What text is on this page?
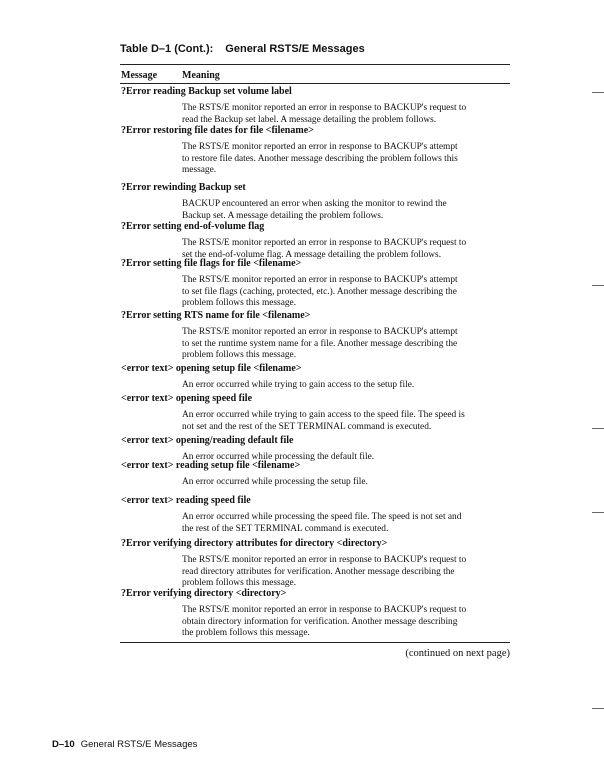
Table D–1 (Cont.): General RSTS/E Messages
Message Meaning
?Error reading Backup set volume label
The RSTS/E monitor reported an error in response to BACKUP's request to
read the Backup set label. A message detailing the problem follows.
?Error restoring file dates for file <filename>
The RSTS/E monitor reported an error in response to BACKUP's attempt
to restore file dates. Another message describing the problem follows this
message.
?Error rewinding Backup set
BACKUP encountered an error when asking the monitor to rewind the
Backup set. A message detailing the problem follows.
?Error setting end-of-volume flag
The RSTS/E monitor reported an error in response to BACKUP's request to
set the end-of-volume flag. A message detailing the problem follows.
?Error setting file flags for file <filename>
The RSTS/E monitor reported an error in response to BACKUP's attempt
to set file flags (caching, protected, etc.). Another message describing the
problem follows this message.
?Error setting RTS name for file <filename>
The RSTS/E monitor reported an error in response to BACKUP's attempt
to set the runtime system name for a file. Another message describing the
problem follows this message.
<error text> opening setup file <filename>
An error occurred while trying to gain access to the setup file.
<error text> opening speed file
An error occurred while trying to gain access to the speed file. The speed is
not set and the rest of the SET TERMINAL command is executed.
<error text> opening/reading default file
An error occurred while processing the default file.
<error text> reading setup file <filename>
An error occurred while processing the setup file.
<error text> reading speed file
An error occurred while processing the speed file. The speed is not set and
the rest of the SET TERMINAL command is executed.
?Error verifying directory attributes for directory <directory>
The RSTS/E monitor reported an error in response to BACKUP's request to
read directory attributes for verification. Another message describing the
problem follows this message.
?Error verifying directory <directory>
The RSTS/E monitor reported an error in response to BACKUP's request to
obtain directory information for verification. Another message describing
the problem follows this message.
(continued on next page)
D–10 General RSTS/E Messages
